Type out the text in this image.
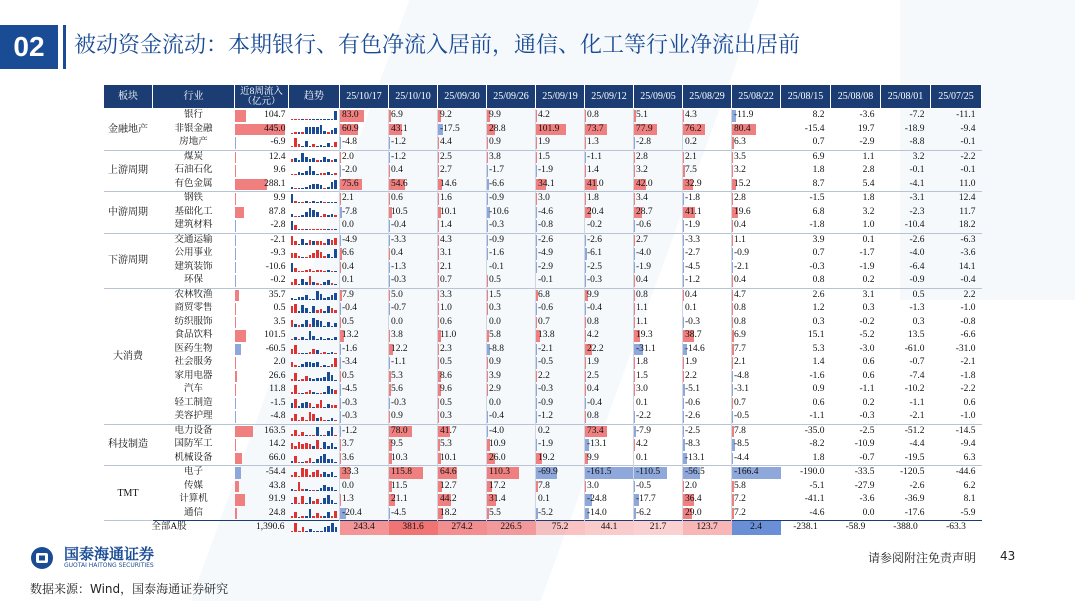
02	被动资金流动：本期银行、有色净流入居前，通信、化工等行业净流出居前
板块	行业	近8周流入（亿元）	趋势	25/10/17	25/10/10	25/09/30	25/09/26	25/09/19	25/09/12	25/09/05	25/08/29	25/08/22	25/08/15	25/08/08	25/08/01	25/07/25
金融地产	银行	104.7		83.0	6.9	9.2	9.9	4.2	0.8	5.1	4.3	-11.9	8.2	-3.6	-7.2	-11.1
	非银金融	445.0		60.9	43.1	-17.5	28.8	101.9	73.7	77.9	76.2	80.4	-15.4	19.7	-18.9	-9.4
	房地产	-6.9		-4.8	-1.2	4.4	0.9	1.9	1.3	-2.8	0.2	6.3	0.7	-2.9	-8.8	-0.1
上游周期	煤炭	12.4		2.0	-1.2	2.5	3.8	1.5	-1.1	2.8	2.1	3.5	6.9	1.1	3.2	-2.2
	石油石化	9.6		-2.0	0.4	2.7	-1.7	-1.9	1.4	3.2	7.5	3.2	1.8	2.8	-0.1	-0.1
	有色金属	288.1		75.6	54.6	14.6	-6.6	34.1	41.0	42.0	32.9	15.2	8.7	5.4	-4.1	11.0
中游周期	钢铁	9.9		2.1	0.6	1.6	-0.9	3.0	1.8	3.4	-1.8	2.8	-1.5	1.8	-3.1	12.4
	基础化工	87.8		-7.8	10.5	10.1	-10.6	-4.6	20.4	28.7	41.1	19.6	6.8	3.2	-2.3	11.7
	建筑材料	-2.8		0.0	-0.4	1.4	-0.3	-0.8	-0.2	-0.6	-1.9	0.4	-1.8	1.0	-10.4	18.2
下游周期	交通运输	-2.1		-4.9	-3.3	4.3	-0.9	-2.6	-2.6	2.7	-3.3	1.1	3.9	0.1	-2.6	-6.3
	公用事业	-9.3		6.6	0.4	3.1	-1.6	-4.9	-6.1	-4.0	-2.7	-0.9	0.7	-1.7	-4.0	-3.6
	建筑装饰	-10.6		0.4	-1.3	2.1	-0.1	-2.9	-2.5	-1.9	-4.5	-2.1	-0.3	-1.9	-6.4	14.1
	环保	-0.2		0.1	-0.3	0.7	0.5	-0.1	-0.3	0.4	-1.2	0.4	0.8	0.2	-0.9	-0.4
大消费	农林牧渔	35.7		7.9	5.0	3.3	1.5	6.8	9.9	0.8	0.4	4.7	2.6	3.1	0.5	2.2
	商贸零售	0.5		-0.4	-0.7	1.0	0.3	-0.6	-0.4	1.1	0.1	0.8	1.2	0.3	-1.3	-1.0
	纺织服饰	3.5		0.5	0.0	0.6	0.0	0.7	0.8	1.1	-0.3	0.8	0.3	-0.2	0.3	-0.8
	食品饮料	101.5		13.2	3.8	11.0	5.8	13.8	4.2	19.3	38.7	6.9	15.1	-5.2	13.5	-6.6
	医药生物	-60.5		-1.6	12.2	2.3	-8.8	-2.1	22.2	-31.1	-14.6	7.7	5.3	-3.0	-61.0	-31.0
	社会服务	2.0		-3.4	-1.1	0.5	0.9	-0.5	1.9	1.8	1.9	2.1	1.4	0.6	-0.7	-2.1
	家用电器	26.6		0.5	5.3	8.6	3.9	2.2	2.5	1.5	2.2	-4.8	-1.6	0.6	-7.4	-1.8
	汽车	11.8		-4.5	5.6	9.6	2.9	-0.3	0.4	3.0	-5.1	-3.1	0.9	-1.1	-10.2	-2.2
	轻工制造	-1.5		-0.3	-0.3	0.5	0.0	-0.9	-0.4	0.1	-0.6	0.7	0.6	0.2	-1.1	0.6
	美容护理	-4.8		-0.3	0.9	0.3	-0.4	-1.2	0.8	-2.2	-2.6	-0.5	-1.1	-0.3	-2.1	-1.0
科技制造	电力设备	163.5		-1.2	78.0	41.7	-4.0	0.2	73.4	-7.9	-2.5	7.8	-35.0	-2.5	-51.2	-14.5
	国防军工	14.2		3.7	9.5	5.3	10.9	-1.9	-13.1	4.2	-8.3	-8.5	-8.2	-10.9	-4.4	-9.4
	机械设备	66.0		3.6	10.3	10.1	26.0	19.2	9.9	0.1	-13.1	-4.4	1.8	-0.7	-19.5	6.3
TMT	电子	-54.4		33.3	115.8	64.6	110.3	-69.9	-161.5	-110.5	-56.5	-166.4	-190.0	-33.5	-120.5	-44.6
	传媒	43.8		0.0	11.5	12.7	17.2	7.8	3.0	-0.5	2.0	5.8	-5.1	-27.9	-2.6	6.2
	计算机	91.9		1.3	21.1	44.2	31.4	0.1	-24.8	-17.7	36.4	7.2	-41.1	-3.6	-36.9	8.1
	通信	24.8		-20.4	-4.5	18.2	5.5	-5.2	-14.0	-6.2	29.0	7.2	-4.6	0.0	-17.6	-5.9
全部A股		1,390.6		243.4	381.6	274.2	226.5	75.2	44.1	21.7	123.7	2.4	-238.1	-58.9	-388.0	-63.3
国泰海通证券
GUOTAI HAITONG SECURITIES
请参阅附注免责声明 43
数据来源：Wind，国泰海通证券研究
